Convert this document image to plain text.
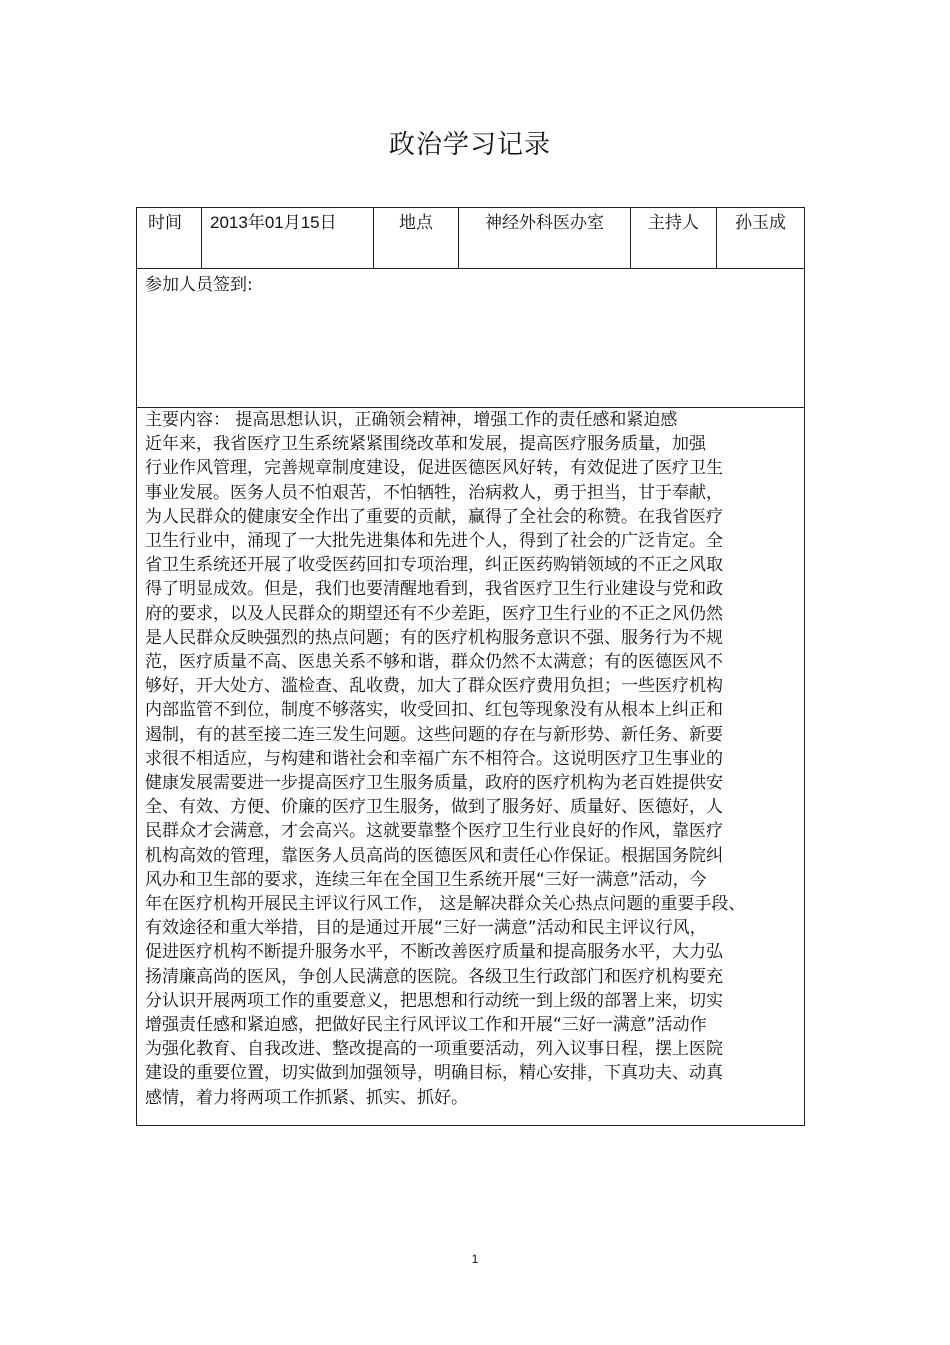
政治学习记录
时间	2013年01月15日	地点	神经外科医办室	主持人	孙玉成
参加人员签到:

主要内容： 提高思想认识，正确领会精神，增强工作的责任感和紧迫感
近年来，我省医疗卫生系统紧紧围绕改革和发展，提高医疗服务质量，加强
行业作风管理，完善规章制度建设，促进医德医风好转，有效促进了医疗卫生
事业发展。医务人员不怕艰苦，不怕牺牲，治病救人，勇于担当，甘于奉献，
为人民群众的健康安全作出了重要的贡献，赢得了全社会的称赞。在我省医疗
卫生行业中，涌现了一大批先进集体和先进个人，得到了社会的广泛肯定。全
省卫生系统还开展了收受医药回扣专项治理，纠正医药购销领域的不正之风取
得了明显成效。但是，我们也要清醒地看到，我省医疗卫生行业建设与党和政
府的要求，以及人民群众的期望还有不少差距，医疗卫生行业的不正之风仍然
是人民群众反映强烈的热点问题；有的医疗机构服务意识不强、服务行为不规
范，医疗质量不高、医患关系不够和谐，群众仍然不太满意；有的医德医风不
够好，开大处方、滥检查、乱收费，加大了群众医疗费用负担；一些医疗机构
内部监管不到位，制度不够落实，收受回扣、红包等现象没有从根本上纠正和
遏制，有的甚至接二连三发生问题。这些问题的存在与新形势、新任务、新要
求很不相适应，与构建和谐社会和幸福广东不相符合。这说明医疗卫生事业的
健康发展需要进一步提高医疗卫生服务质量，政府的医疗机构为老百姓提供安
全、有效、方便、价廉的医疗卫生服务，做到了服务好、质量好、医德好，人
民群众才会满意，才会高兴。这就要靠整个医疗卫生行业良好的作风，靠医疗
机构高效的管理，靠医务人员高尚的医德医风和责任心作保证。根据国务院纠
风办和卫生部的要求，连续三年在全国卫生系统开展“三好一满意”活动，今
年在医疗机构开展民主评议行风工作， 这是解决群众关心热点问题的重要手段、
有效途径和重大举措，目的是通过开展“三好一满意”活动和民主评议行风，
促进医疗机构不断提升服务水平，不断改善医疗质量和提高服务水平，大力弘
扬清廉高尚的医风，争创人民满意的医院。各级卫生行政部门和医疗机构要充
分认识开展两项工作的重要意义，把思想和行动统一到上级的部署上来，切实
增强责任感和紧迫感，把做好民主行风评议工作和开展“三好一满意”活动作
为强化教育、自我改进、整改提高的一项重要活动，列入议事日程，摆上医院
建设的重要位置，切实做到加强领导，明确目标，精心安排，下真功夫、动真
感情，着力将两项工作抓紧、抓实、抓好。
1
